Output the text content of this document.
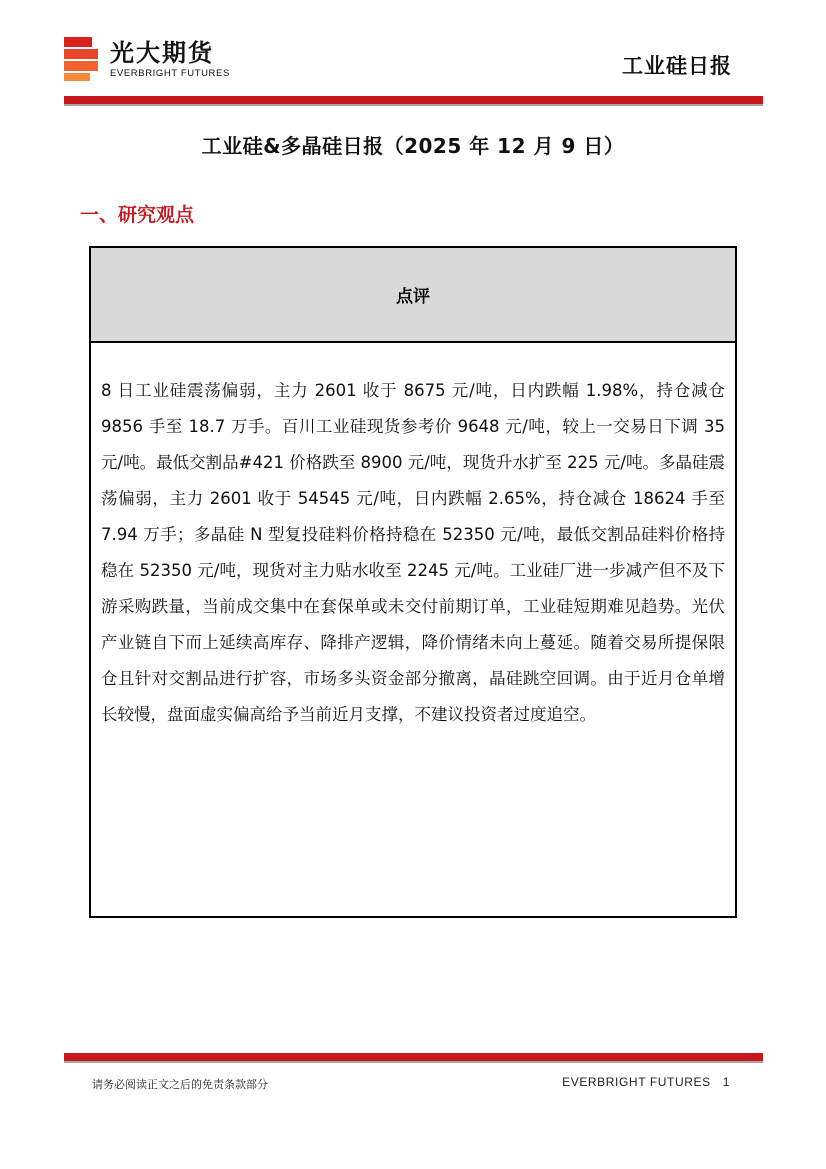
光大期货
EVERBRIGHT FUTURES	工业硅日报
工业硅&多晶硅日报（2025 年 12 月 9 日）
一、研究观点
点评
8 日工业硅震荡偏弱，主力 2601 收于 8675 元/吨，日内跌幅 1.98%，持仓减仓 9856 手至 18.7 万手。百川工业硅现货参考价 9648 元/吨，较上一交易日下调 35 元/吨。最低交割品#421 价格跌至 8900 元/吨，现货升水扩至 225 元/吨。多晶硅震荡偏弱，主力 2601 收于 54545 元/吨，日内跌幅 2.65%，持仓减仓 18624 手至 7.94 万手；多晶硅 N 型复投硅料价格持稳在 52350 元/吨，最低交割品硅料价格持稳在 52350 元/吨，现货对主力贴水收至 2245 元/吨。工业硅厂进一步减产但不及下游采购跌量，当前成交集中在套保单或未交付前期订单，工业硅短期难见趋势。光伏产业链自下而上延续高库存、降排产逻辑，降价情绪未向上蔓延。随着交易所提保限仓且针对交割品进行扩容，市场多头资金部分撤离，晶硅跳空回调。由于近月仓单增长较慢，盘面虚实偏高给予当前近月支撑，不建议投资者过度追空。
请务必阅读正文之后的免责条款部分	EVERBRIGHT FUTURES 1
